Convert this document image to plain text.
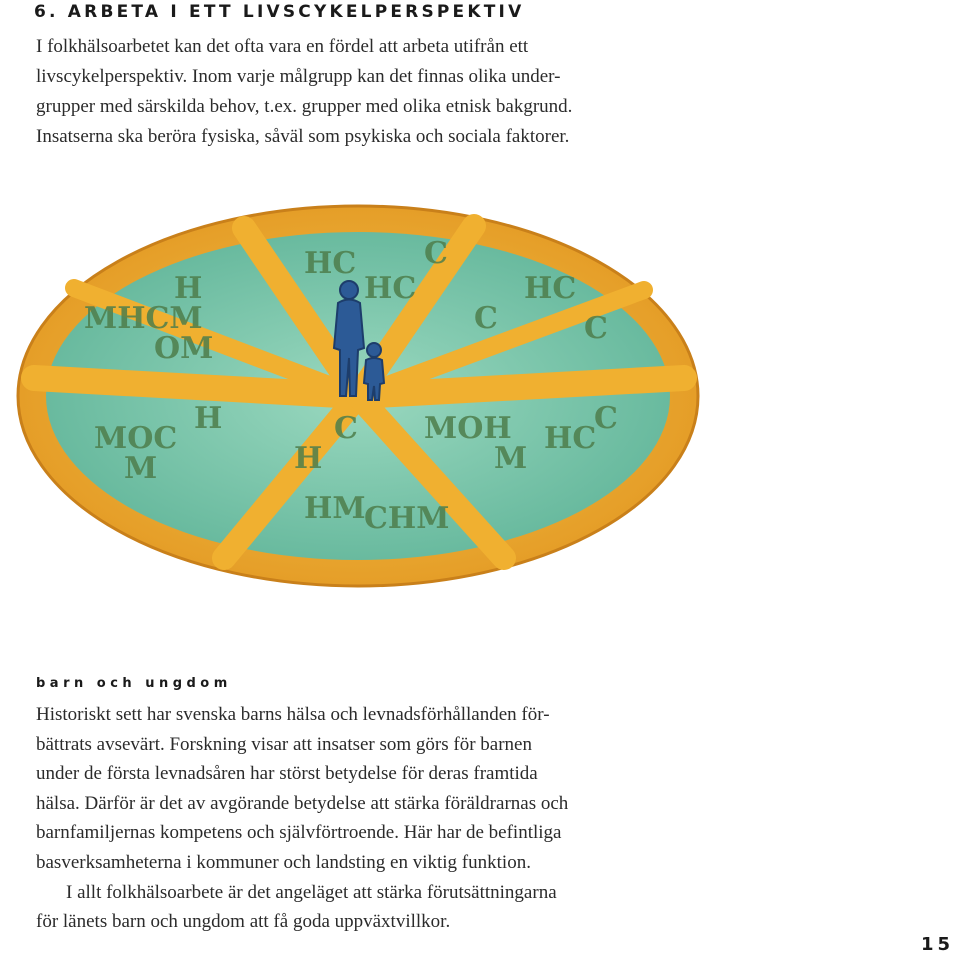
6. ARBETA I ETT LIVSCYKELPERSPEKTIV

I folkhälsoarbetet kan det ofta vara en fördel att arbeta utifrån ett
livscykelperspektiv. Inom varje målgrupp kan det finnas olika under-
grupper med särskilda behov, t.ex. grupper med olika etnisk bakgrund.
Insatserna ska beröra fysiska, såväl som psykiska och sociala faktorer.

MHCM
OM
H
HC
HC
C
C
HC
C
MOC
M
H
H
C
HM
CHM
MOH
M
HC
C
barn och ungdom

Historiskt sett har svenska barns hälsa och levnadsförhållanden för-
bättrats avsevärt. Forskning visar att insatser som görs för barnen
under de första levnadsåren har störst betydelse för deras framtida
hälsa. Därför är det av avgörande betydelse att stärka föräldrarnas och
barnfamiljernas kompetens och självförtroende. Här har de befintliga
basverksamheterna i kommuner och landsting en viktig funktion.

I allt folkhälsoarbete är det angeläget att stärka förutsättningarna
för länets barn och ungdom att få goda uppväxtvillkor.

15
